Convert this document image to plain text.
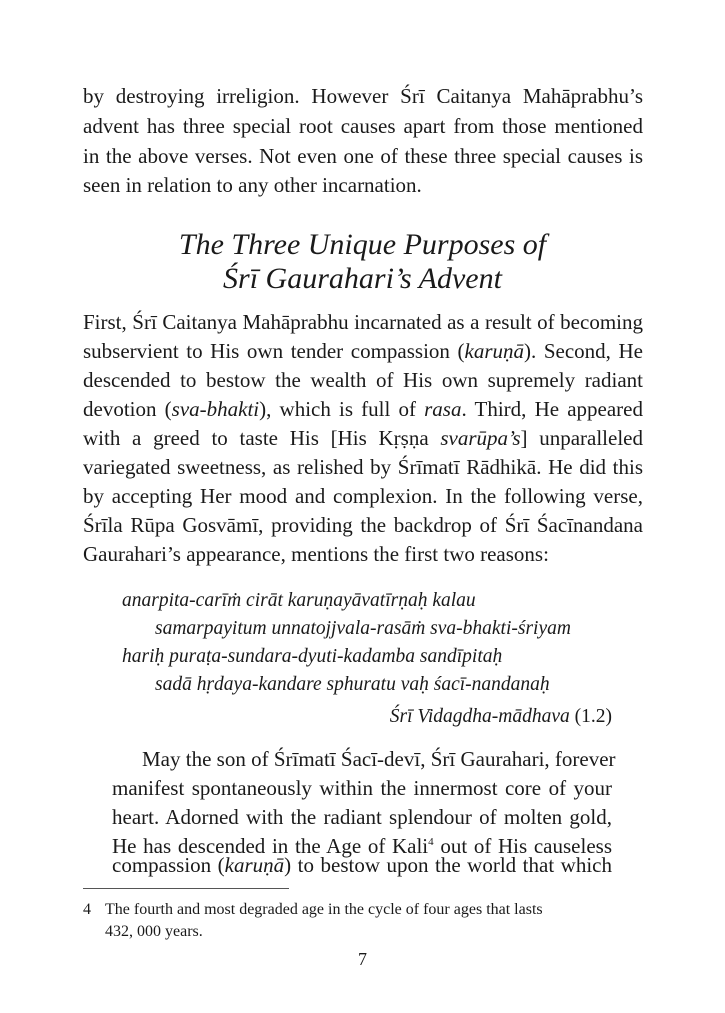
by destroying irreligion. However Śrī Caitanya Mahāprabhu’s
advent has three special root causes apart from those mentioned
in the above verses. Not even one of these three special causes is
seen in relation to any other incarnation.
The Three Unique Purposes of
Śrī Gaurahari’s Advent
First, Śrī Caitanya Mahāprabhu incarnated as a result of becoming
subservient to His own tender compassion (karuṇā). Second, He
descended to bestow the wealth of His own supremely radiant
devotion (sva-bhakti), which is full of rasa. Third, He appeared
with a greed to taste His [His Kṛṣṇa svarūpa’s] unparalleled
variegated sweetness, as relished by Śrīmatī Rādhikā. He did this
by accepting Her mood and complexion. In the following verse,
Śrīla Rūpa Gosvāmī, providing the backdrop of Śrī Śacīnandana
Gaurahari’s appearance, mentions the first two reasons:
anarpita-carīṁ cirāt karuṇayāvatīrṇaḥ kalau
samarpayitum unnatojjvala-rasāṁ sva-bhakti-śriyam
hariḥ puraṭa-sundara-dyuti-kadamba sandīpitaḥ
sadā hṛdaya-kandare sphuratu vaḥ śacī-nandanaḥ
Śrī Vidagdha-mādhava (1.2)
May the son of Śrīmatī Śacī-devī, Śrī Gaurahari, forever
manifest spontaneously within the innermost core of your
heart. Adorned with the radiant splendour of molten gold,
He has descended in the Age of Kali$^4$ out of His causeless
compassion (karuṇā) to bestow upon the world that which
4 The fourth and most degraded age in the cycle of four ages that lasts
432, 000 years.
7
